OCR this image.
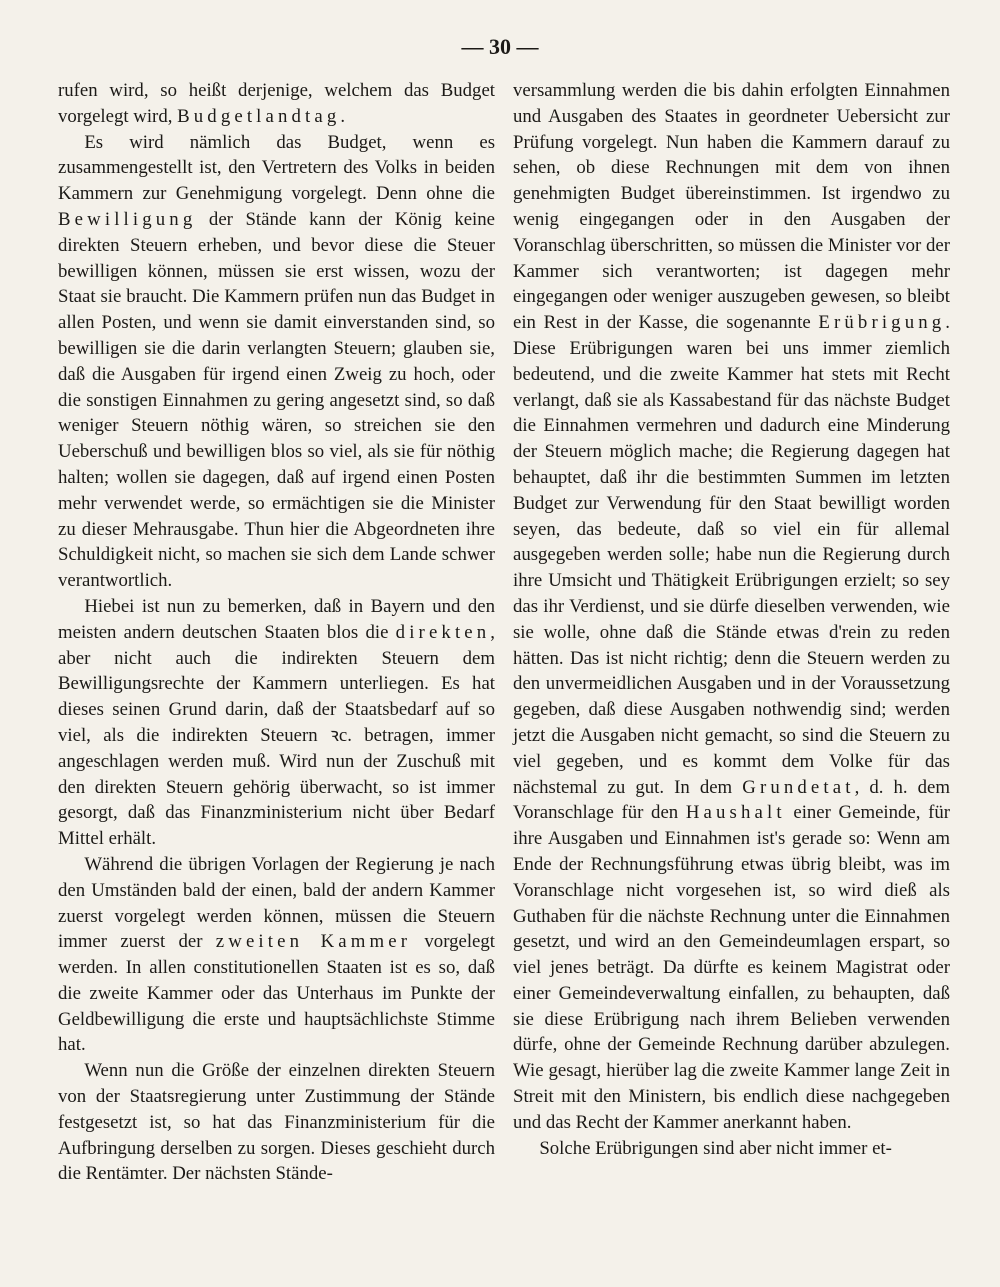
— 30 —

rufen wird, so heißt derjenige, welchem das Budget vorgelegt wird, Budgetlandtag.

Es wird nämlich das Budget, wenn es zusammengestellt ist, den Vertretern des Volks in beiden Kammern zur Genehmigung vorgelegt. Denn ohne die Bewilligung der Stände kann der König keine direkten Steuern erheben, und bevor diese die Steuer bewilligen können, müssen sie erst wissen, wozu der Staat sie braucht. Die Kammern prüfen nun das Budget in allen Posten, und wenn sie damit einverstanden sind, so bewilligen sie die darin verlangten Steuern; glauben sie, daß die Ausgaben für irgend einen Zweig zu hoch, oder die sonstigen Einnahmen zu gering angesetzt sind, so daß weniger Steuern nöthig wären, so streichen sie den Ueberschuß und bewilligen blos so viel, als sie für nöthig halten; wollen sie dagegen, daß auf irgend einen Posten mehr verwendet werde, so ermächtigen sie die Minister zu dieser Mehrausgabe. Thun hier die Abgeordneten ihre Schuldigkeit nicht, so machen sie sich dem Lande schwer verantwortlich.

Hiebei ist nun zu bemerken, daß in Bayern und den meisten andern deutschen Staaten blos die direkten, aber nicht auch die indirekten Steuern dem Bewilligungsrechte der Kammern unterliegen. Es hat dieses seinen Grund darin, daß der Staatsbedarf auf so viel, als die indirekten Steuern ꝛc. betragen, immer angeschlagen werden muß. Wird nun der Zuschuß mit den direkten Steuern gehörig überwacht, so ist immer gesorgt, daß das Finanzministerium nicht über Bedarf Mittel erhält.

Während die übrigen Vorlagen der Regierung je nach den Umständen bald der einen, bald der andern Kammer zuerst vorgelegt werden können, müssen die Steuern immer zuerst der zweiten Kammer vorgelegt werden. In allen constitutionellen Staaten ist es so, daß die zweite Kammer oder das Unterhaus im Punkte der Geldbewilligung die erste und hauptsächlichste Stimme hat.

Wenn nun die Größe der einzelnen direkten Steuern von der Staatsregierung unter Zustimmung der Stände festgesetzt ist, so hat das Finanzministerium für die Aufbringung derselben zu sorgen. Dieses geschieht durch die Rentämter. Der nächsten Stände-

versammlung werden die bis dahin erfolgten Einnahmen und Ausgaben des Staates in geordneter Uebersicht zur Prüfung vorgelegt. Nun haben die Kammern darauf zu sehen, ob diese Rechnungen mit dem von ihnen genehmigten Budget übereinstimmen. Ist irgendwo zu wenig eingegangen oder in den Ausgaben der Voranschlag überschritten, so müssen die Minister vor der Kammer sich verantworten; ist dagegen mehr eingegangen oder weniger auszugeben gewesen, so bleibt ein Rest in der Kasse, die sogenannte Erübrigung. Diese Erübrigungen waren bei uns immer ziemlich bedeutend, und die zweite Kammer hat stets mit Recht verlangt, daß sie als Kassabestand für das nächste Budget die Einnahmen vermehren und dadurch eine Minderung der Steuern möglich mache; die Regierung dagegen hat behauptet, daß ihr die bestimmten Summen im letzten Budget zur Verwendung für den Staat bewilligt worden seyen, das bedeute, daß so viel ein für allemal ausgegeben werden solle; habe nun die Regierung durch ihre Umsicht und Thätigkeit Erübrigungen erzielt; so sey das ihr Verdienst, und sie dürfe dieselben verwenden, wie sie wolle, ohne daß die Stände etwas d'rein zu reden hätten. Das ist nicht richtig; denn die Steuern werden zu den unvermeidlichen Ausgaben und in der Voraussetzung gegeben, daß diese Ausgaben nothwendig sind; werden jetzt die Ausgaben nicht gemacht, so sind die Steuern zu viel gegeben, und es kommt dem Volke für das nächstemal zu gut. In dem Grundetat, d. h. dem Voranschlage für den Haushalt einer Gemeinde, für ihre Ausgaben und Einnahmen ist's gerade so: Wenn am Ende der Rechnungsführung etwas übrig bleibt, was im Voranschlage nicht vorgesehen ist, so wird dieß als Guthaben für die nächste Rechnung unter die Einnahmen gesetzt, und wird an den Gemeindeumlagen erspart, so viel jenes beträgt. Da dürfte es keinem Magistrat oder einer Gemeindeverwaltung einfallen, zu behaupten, daß sie diese Erübrigung nach ihrem Belieben verwenden dürfe, ohne der Gemeinde Rechnung darüber abzulegen. Wie gesagt, hierüber lag die zweite Kammer lange Zeit in Streit mit den Ministern, bis endlich diese nachgegeben und das Recht der Kammer anerkannt haben.

Solche Erübrigungen sind aber nicht immer et-
